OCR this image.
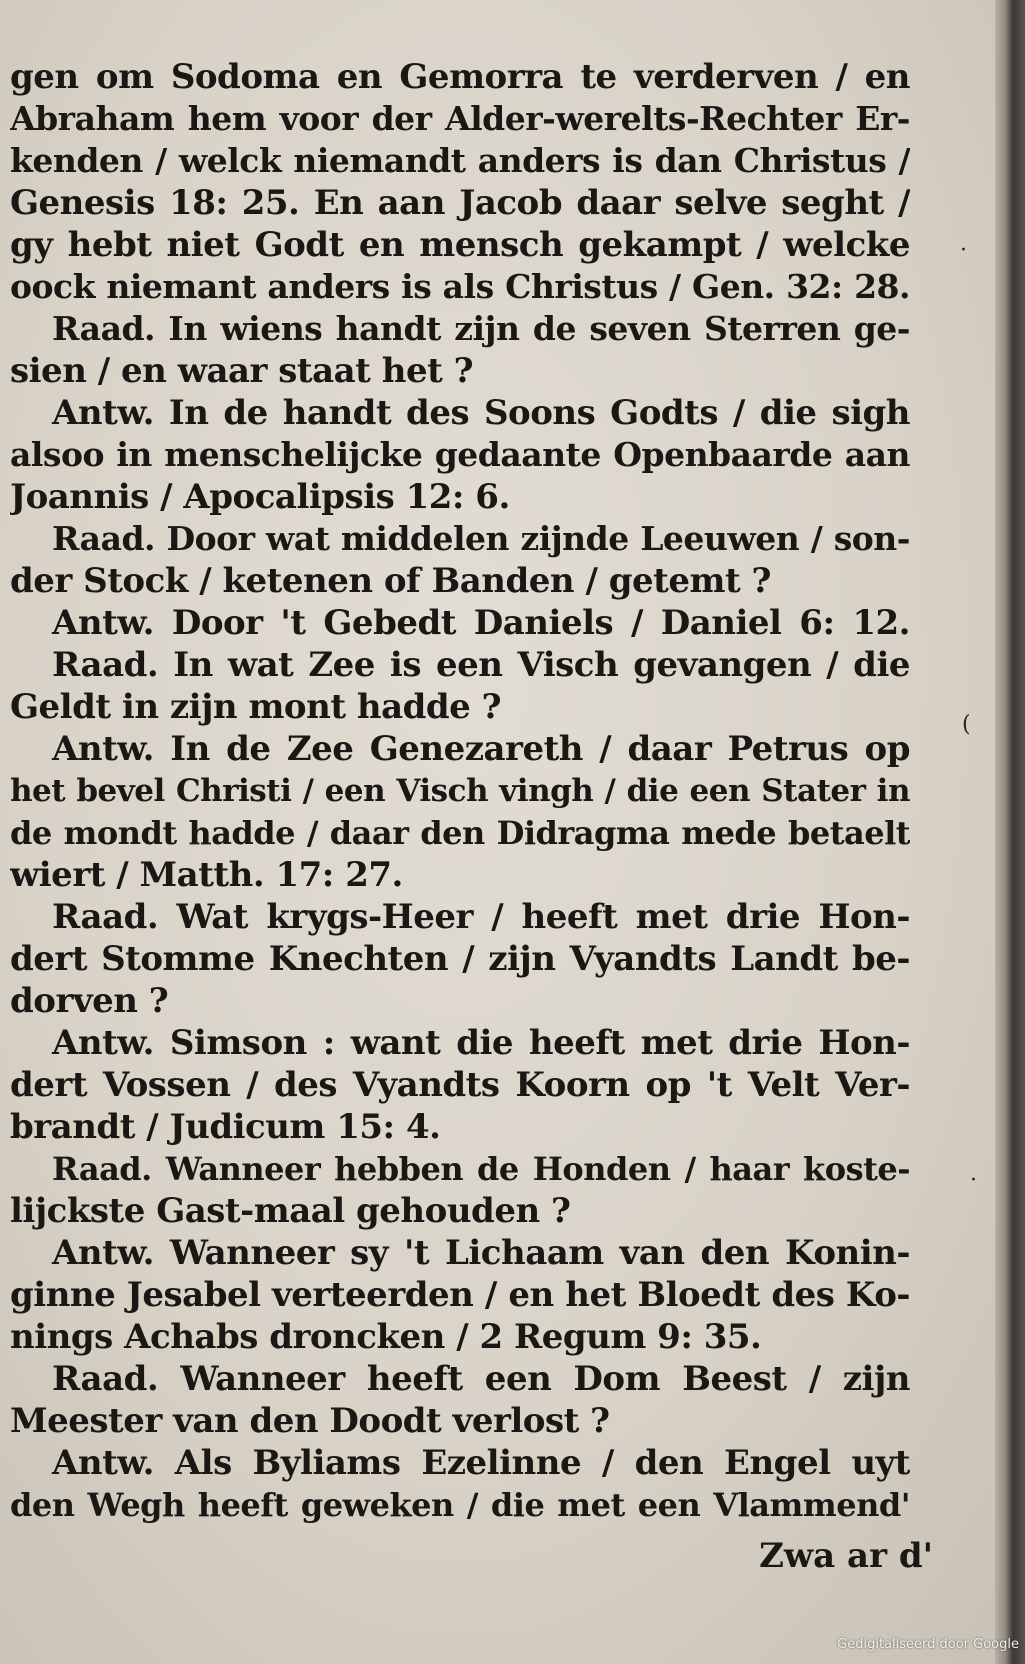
gen om Sodoma en Gemorra te verderven / en
Abraham hem voor der Alder-werelts-Rechter Er-
kenden / welck niemandt anders is dan Christus /
Genesis 18: 25. En aan Jacob daar selve seght /
gy hebt niet Godt en mensch gekampt / welcke
oock niemant anders is als Christus / Gen. 32: 28.
Raad. In wiens handt zijn de seven Sterren ge-
sien / en waar staat het ?
Antw. In de handt des Soons Godts / die sigh
alsoo in menschelijcke gedaante Openbaarde aan
Joannis / Apocalipsis 12: 6.
Raad. Door wat middelen zijnde Leeuwen / son-
der Stock / ketenen of Banden / getemt ?
Antw. Door 't Gebedt Daniels / Daniel 6: 12.
Raad. In wat Zee is een Visch gevangen / die
Geldt in zijn mont hadde ?
Antw. In de Zee Genezareth / daar Petrus op
het bevel Christi / een Visch vingh / die een Stater in
de mondt hadde / daar den Didragma mede betaelt
wiert / Matth. 17: 27.
Raad. Wat krygs-Heer / heeft met drie Hon-
dert Stomme Knechten / zijn Vyandts Landt be-
dorven ?
Antw. Simson : want die heeft met drie Hon-
dert Vossen / des Vyandts Koorn op 't Velt Ver-
brandt / Judicum 15: 4.
Raad. Wanneer hebben de Honden / haar koste-
lijckste Gast-maal gehouden ?
Antw. Wanneer sy 't Lichaam van den Konin-
ginne Jesabel verteerden / en het Bloedt des Ko-
nings Achabs droncken / 2 Regum 9: 35.
Raad. Wanneer heeft een Dom Beest / zijn
Meester van den Doodt verlost ?
Antw. Als Byliams Ezelinne / den Engel uyt
den Wegh heeft geweken / die met een Vlammend'
Zwa ar d'
·
(
·
Gedigitaliseerd door Google
